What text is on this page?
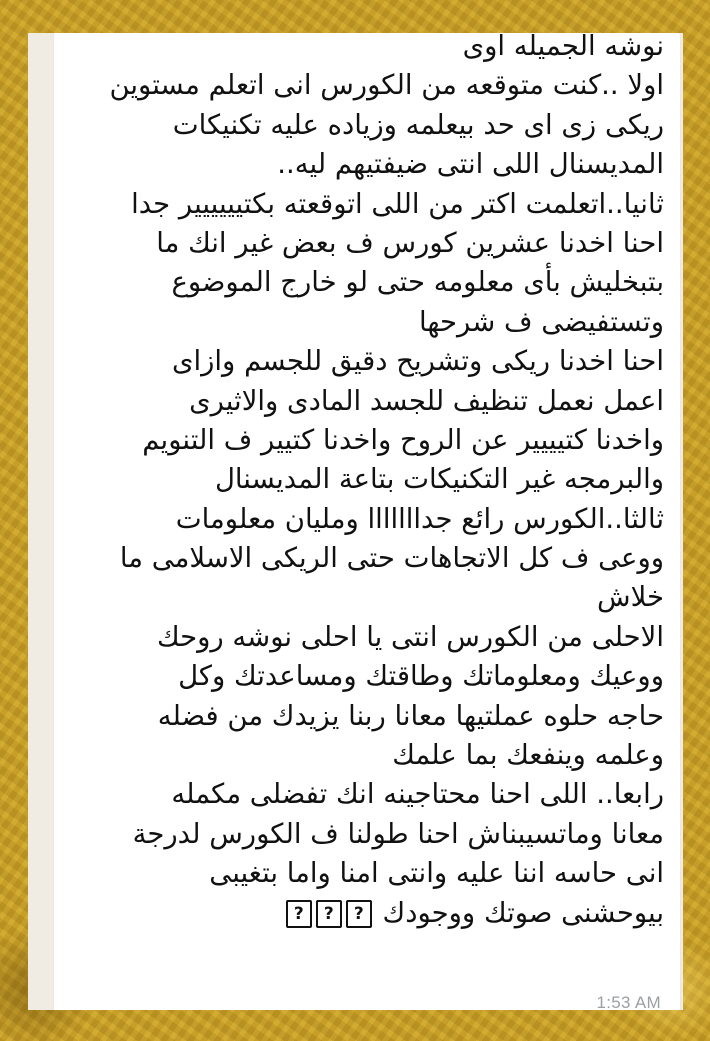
نوشه الجميله اوى
اولا ..كنت متوقعه من الكورس انى اتعلم مستوين
ريكى زى اى حد بيعلمه وزياده عليه تكنيكات
المديسنال اللى انتى ضيفتيهم ليه..
ثانيا..اتعلمت اكتر من اللى اتوقعته بكتيييييير جدا
احنا اخدنا عشرين كورس ف بعض غير انك ما
بتبخليش بأى معلومه حتى لو خارج الموضوع
وتستفيضى ف شرحها
احنا اخدنا ريكى وتشريح دقيق للجسم وازاى
اعمل نعمل تنظيف للجسد المادى والاثيرى
واخدنا كتيييير عن الروح واخدنا كتيير ف التنويم
والبرمجه غير التكنيكات بتاعة المديسنال
ثالثا..الكورس رائع جدااااااا ومليان معلومات
ووعى ف كل الاتجاهات حتى الريكى الاسلامى ما
خلاش
الاحلى من الكورس انتى يا احلى نوشه روحك
ووعيك ومعلوماتك وطاقتك ومساعدتك وكل
حاجه حلوه عملتيها معانا ربنا يزيدك من فضله
وعلمه وينفعك بما علمك
رابعا.. اللى احنا محتاجينه انك تفضلى مكمله
معانا وماتسيبناش احنا طولنا ف الكورس لدرجة
انى حاسه اننا عليه وانتى امنا واما بتغيبى
بيوحشنى صوتك ووجودك ? ? ?
1:53 AM
